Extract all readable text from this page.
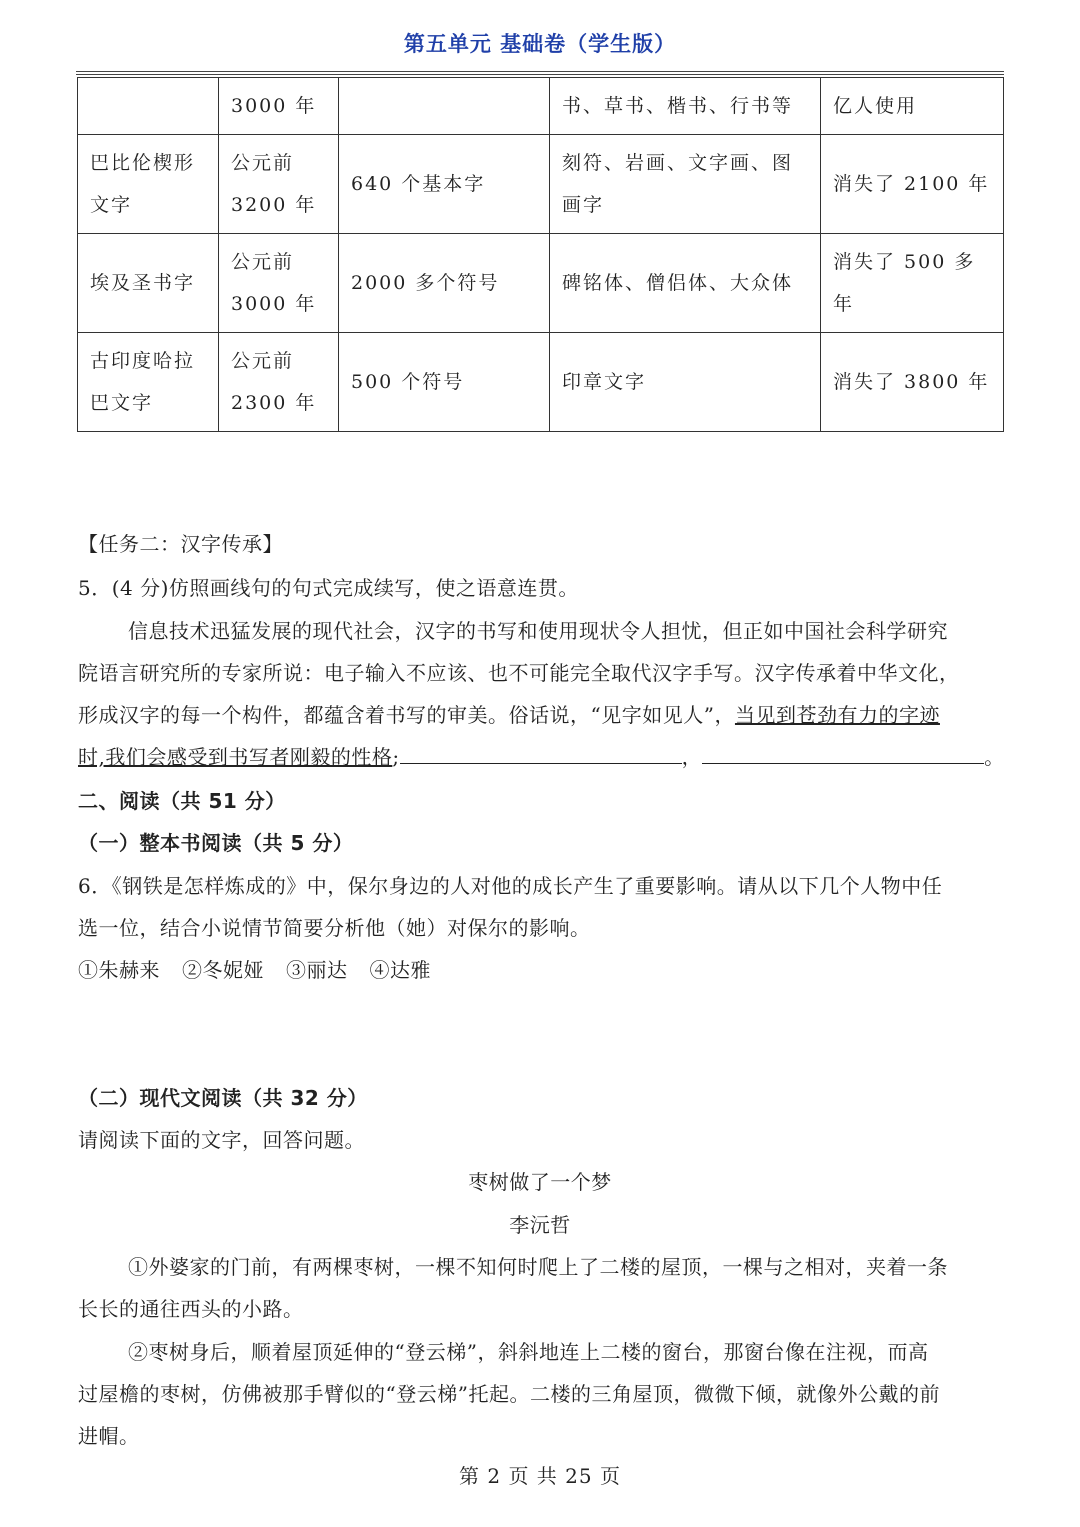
第五单元 基础卷（学生版）
	3000 年		书、草书、楷书、行书等	亿人使用
巴比伦楔形文字	公元前 3200 年	640 个基本字	刻符、岩画、文字画、图画字	消失了 2100 年
埃及圣书字	公元前 3000 年	2000 多个符号	碑铭体、僧侣体、大众体	消失了 500 多年
古印度哈拉巴文字	公元前 2300 年	500 个符号	印章文字	消失了 3800 年
【任务二：汉字传承】
5．(4 分)仿照画线句的句式完成续写，使之语意连贯。
信息技术迅猛发展的现代社会，汉字的书写和使用现状令人担忧，但正如中国社会科学研究
院语言研究所的专家所说：电子输入不应该、也不可能完全取代汉字手写。汉字传承着中华文化，
形成汉字的每一个构件，都蕴含着书写的审美。俗话说，“见字如见人”，当见到苍劲有力的字迹
时,我们会感受到书写者刚毅的性格;	，	。
二、阅读（共 51 分）
（一）整本书阅读（共 5 分）
6．《钢铁是怎样炼成的》中，保尔身边的人对他的成长产生了重要影响。请从以下几个人物中任
选一位，结合小说情节简要分析他（她）对保尔的影响。
①朱赫来 ②冬妮娅 ③丽达 ④达雅
（二）现代文阅读（共 32 分）
请阅读下面的文字，回答问题。
枣树做了一个梦
李沅哲
①外婆家的门前，有两棵枣树，一棵不知何时爬上了二楼的屋顶，一棵与之相对，夹着一条
长长的通往西头的小路。
②枣树身后，顺着屋顶延伸的“登云梯”，斜斜地连上二楼的窗台，那窗台像在注视，而高
过屋檐的枣树，仿佛被那手臂似的“登云梯”托起。二楼的三角屋顶，微微下倾，就像外公戴的前
进帽。
第 2 页 共 25 页
